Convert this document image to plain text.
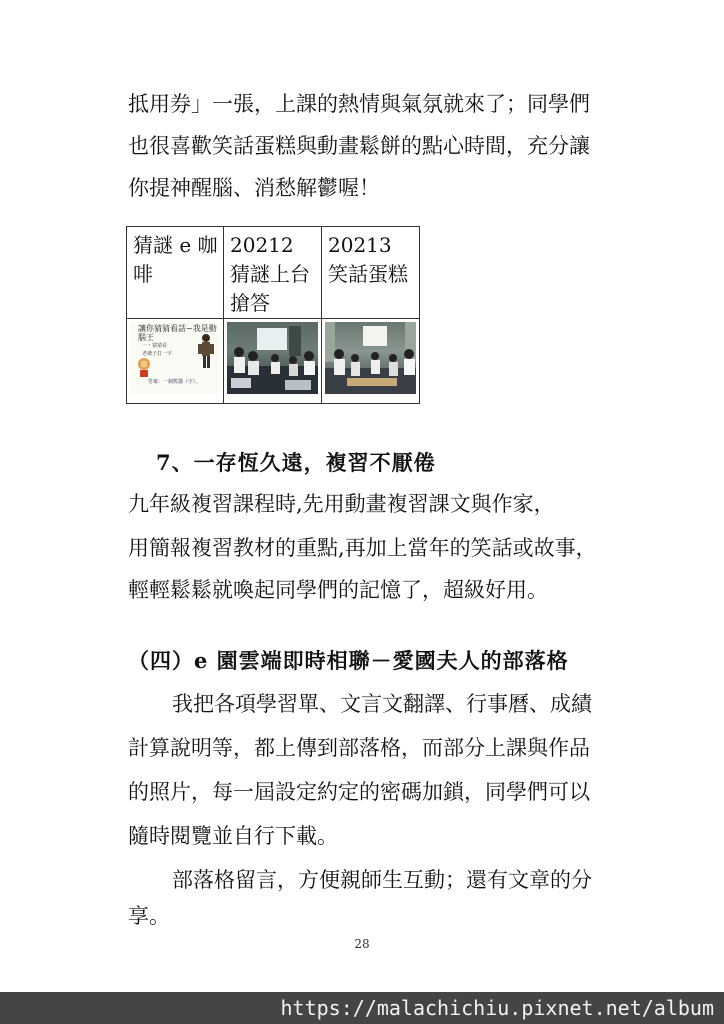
抵用券」一張，上課的熱情與氣氛就來了；同學們

也很喜歡笑話蛋糕與動畫鬆餅的點心時間，充分讓

你提神醒腦、消愁解鬱喔！

猜謎 e 咖啡	20212 猜謎上台搶答	20213 笑話蛋糕

讓你猜猜看話~我是動腦王
一・猜猜看
老爺子打一字
答案：一個熊貓（字）。

7、一存恆久遠，複習不厭倦

九年級複習課程時,先用動畫複習課文與作家，

用簡報複習教材的重點,再加上當年的笑話或故事，

輕輕鬆鬆就喚起同學們的記憶了，超級好用。

（四）e 園雲端即時相聯－愛國夫人的部落格

我把各項學習單、文言文翻譯、行事曆、成績

計算說明等，都上傳到部落格，而部分上課與作品

的照片，每一屆設定約定的密碼加鎖，同學們可以

隨時閱覽並自行下載。

部落格留言，方便親師生互動；還有文章的分

享。

28
https://malachichiu.pixnet.net/album
